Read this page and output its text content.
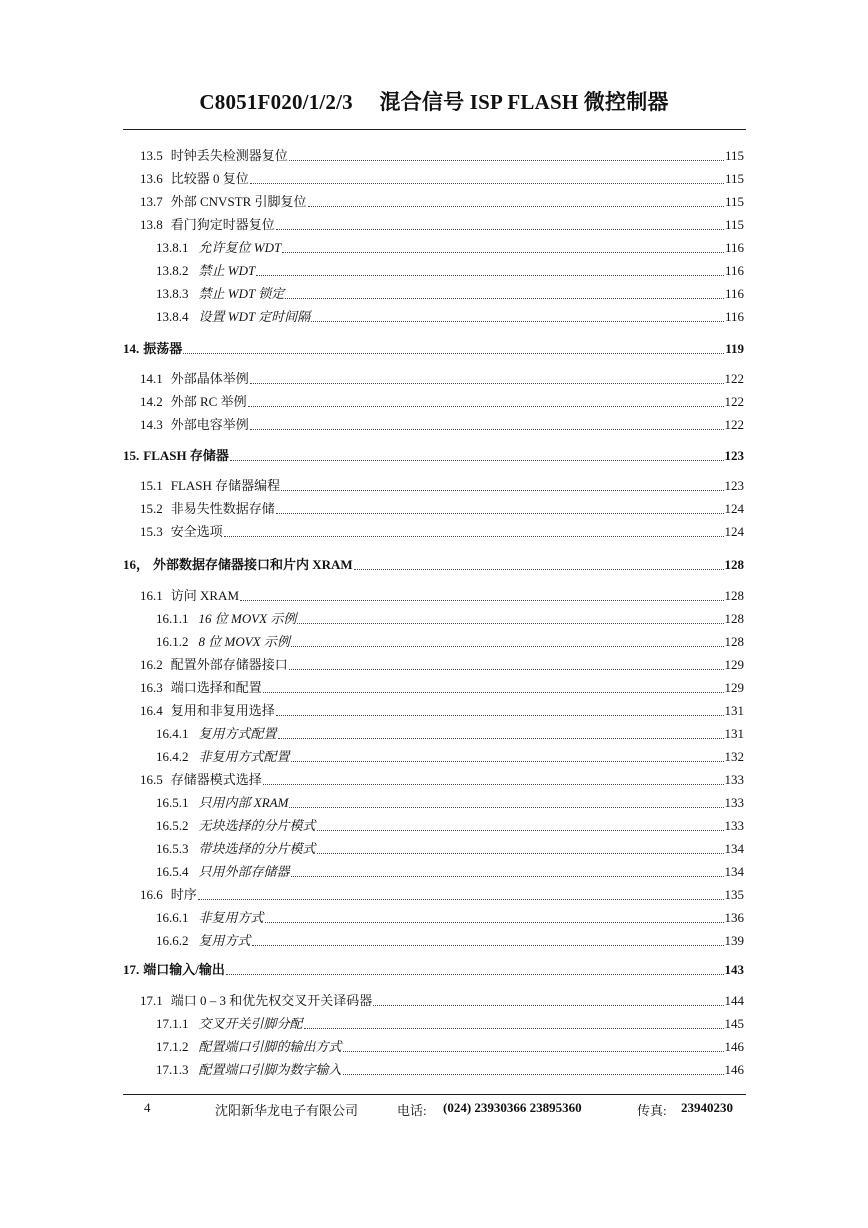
C8051F020/1/2/3　 混合信号 ISP FLASH 微控制器
13.5 时钟丢失检测器复位	115
13.6 比较器 0 复位	115
13.7 外部 CNVSTR 引脚复位	115
13.8 看门狗定时器复位	115
13.8.1 允许复位 WDT	116
13.8.2 禁止 WDT	116
13.8.3 禁止 WDT 锁定	116
13.8.4 设置 WDT 定时间隔	116
14. 振荡器	119
14.1 外部晶体举例	122
14.2 外部 RC 举例	122
14.3 外部电容举例	122
15. FLASH 存储器	123
15.1 FLASH 存储器编程	123
15.2 非易失性数据存储	124
15.3 安全选项	124
16， 外部数据存储器接口和片内 XRAM	128
16.1 访问 XRAM	128
16.1.1 16 位 MOVX 示例	128
16.1.2 8 位 MOVX 示例	128
16.2 配置外部存储器接口	129
16.3 端口选择和配置	129
16.4 复用和非复用选择	131
16.4.1 复用方式配置	131
16.4.2 非复用方式配置	132
16.5 存储器模式选择	133
16.5.1 只用内部 XRAM	133
16.5.2 无块选择的分片模式	133
16.5.3 带块选择的分片模式	134
16.5.4 只用外部存储器	134
16.6 时序	135
16.6.1 非复用方式	136
16.6.2 复用方式	139
17. 端口输入/输出	143
17.1 端口 0 – 3 和优先权交叉开关译码器	144
17.1.1 交叉开关引脚分配	145
17.1.2 配置端口引脚的输出方式	146
17.1.3 配置端口引脚为数字输入	146
4	沈阳新华龙电子有限公司	电话: (024) 23930366 23895360	传真: 23940230
